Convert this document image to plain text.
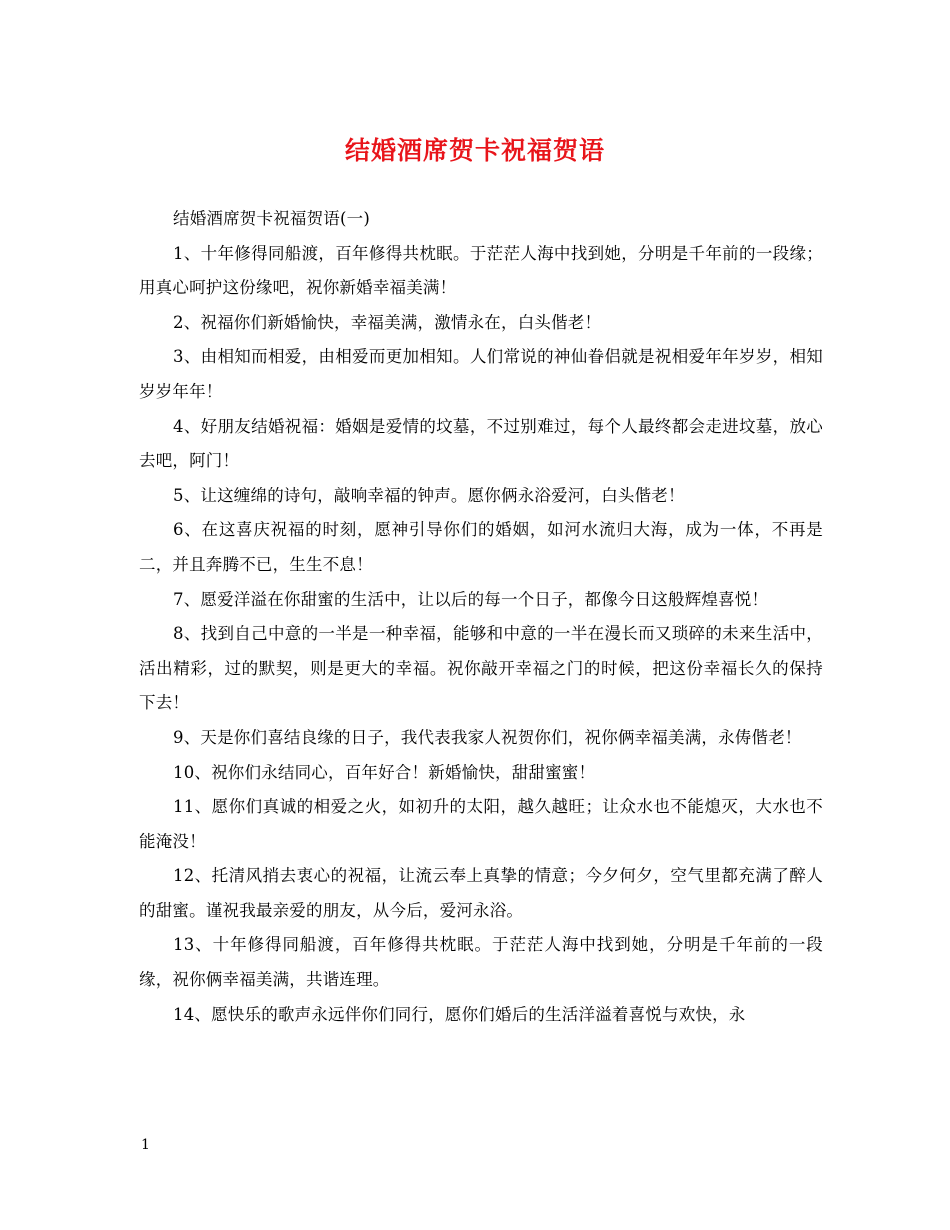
结婚酒席贺卡祝福贺语

结婚酒席贺卡祝福贺语(一)

1、十年修得同船渡，百年修得共枕眠。于茫茫人海中找到她，分明是千年前的一段缘；用真心呵护这份缘吧，祝你新婚幸福美满！

2、祝福你们新婚愉快，幸福美满，激情永在，白头偕老！

3、由相知而相爱，由相爱而更加相知。人们常说的神仙眷侣就是祝相爱年年岁岁，相知岁岁年年！

4、好朋友结婚祝福：婚姻是爱情的坟墓，不过别难过，每个人最终都会走进坟墓，放心去吧，阿门！

5、让这缠绵的诗句，敲响幸福的钟声。愿你俩永浴爱河，白头偕老！

6、在这喜庆祝福的时刻，愿神引导你们的婚姻，如河水流归大海，成为一体，不再是二，并且奔腾不已，生生不息！

7、愿爱洋溢在你甜蜜的生活中，让以后的每一个日子，都像今日这般辉煌喜悦！

8、找到自己中意的一半是一种幸福，能够和中意的一半在漫长而又琐碎的未来生活中，活出精彩，过的默契，则是更大的幸福。祝你敲开幸福之门的时候，把这份幸福长久的保持下去！

9、天是你们喜结良缘的日子，我代表我家人祝贺你们，祝你俩幸福美满，永俦偕老！

10、祝你们永结同心，百年好合！新婚愉快，甜甜蜜蜜！

11、愿你们真诚的相爱之火，如初升的太阳，越久越旺；让众水也不能熄灭，大水也不能淹没！

12、托清风捎去衷心的祝福，让流云奉上真挚的情意；今夕何夕，空气里都充满了醉人的甜蜜。谨祝我最亲爱的朋友，从今后，爱河永浴。

13、十年修得同船渡，百年修得共枕眠。于茫茫人海中找到她，分明是千年前的一段缘，祝你俩幸福美满，共谐连理。

14、愿快乐的歌声永远伴你们同行，愿你们婚后的生活洋溢着喜悦与欢快，永

1
